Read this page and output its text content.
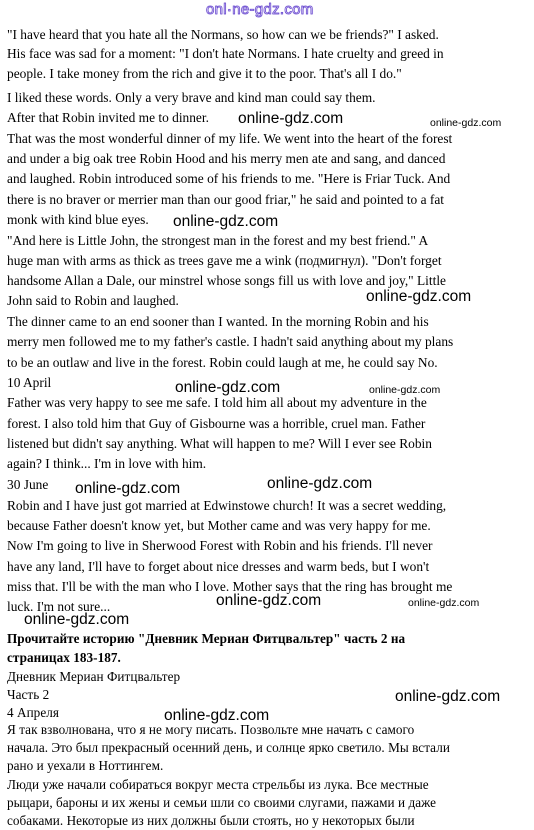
onl·ne-gdz.com
"I have heard that you hate all the Normans, so how can we be friends?" I asked.
His face was sad for a moment: "I don't hate Normans. I hate cruelty and greed in
people. I take money from the rich and give it to the poor. That's all I do."
I liked these words. Only a very brave and kind man could say them.
After that Robin invited me to dinner.
That was the most wonderful dinner of my life. We went into the heart of the forest
and under a big oak tree Robin Hood and his merry men ate and sang, and danced
and laughed. Robin introduced some of his friends to me. "Here is Friar Tuck. And
there is no braver or merrier man than our good friar," he said and pointed to a fat
monk with kind blue eyes.
"And here is Little John, the strongest man in the forest and my best friend." A
huge man with arms as thick as trees gave me a wink (подмигнул). "Don't forget
handsome Allan a Dale, our minstrel whose songs fill us with love and joy," Little
John said to Robin and laughed.
The dinner came to an end sooner than I wanted. In the morning Robin and his
merry men followed me to my father's castle. I hadn't said anything about my plans
to be an outlaw and live in the forest. Robin could laugh at me, he could say No.
10 April
Father was very happy to see me safe. I told him all about my adventure in the
forest. I also told him that Guy of Gisbourne was a horrible, cruel man. Father
listened but didn't say anything. What will happen to me? Will I ever see Robin
again? I think... I'm in love with him.
30 June
Robin and I have just got married at Edwinstowe church! It was a secret wedding,
because Father doesn't know yet, but Mother came and was very happy for me.
Now I'm going to live in Sherwood Forest with Robin and his friends. I'll never
have any land, I'll have to forget about nice dresses and warm beds, but I won't
miss that. I'll be with the man who I love. Mother says that the ring has brought me
luck. I'm not sure...
Прочитайте историю "Дневник Мериан Фитцвальтер" часть 2 на
страницах 183-187.
Дневник Мериан Фитцвальтер
Часть 2
4 Апреля
Я так взволнована, что я не могу писать. Позвольте мне начать с самого
начала. Это был прекрасный осенний день, и солнце ярко светило. Мы встали
рано и уехали в Ноттингем.
Люди уже начали собираться вокруг места стрельбы из лука. Все местные
рыцари, бароны и их жены и семьи шли со своими слугами, пажами и даже
собаками. Некоторые из них должны были стоять, но у некоторых были
online-gdz.com	online-gdz.com
online-gdz.com
online-gdz.com
online-gdz.com	online-gdz.com
online-gdz.com
online-gdz.com
online-gdz.com	online-gdz.com
online-gdz.com
online-gdz.com
online-gdz.com
